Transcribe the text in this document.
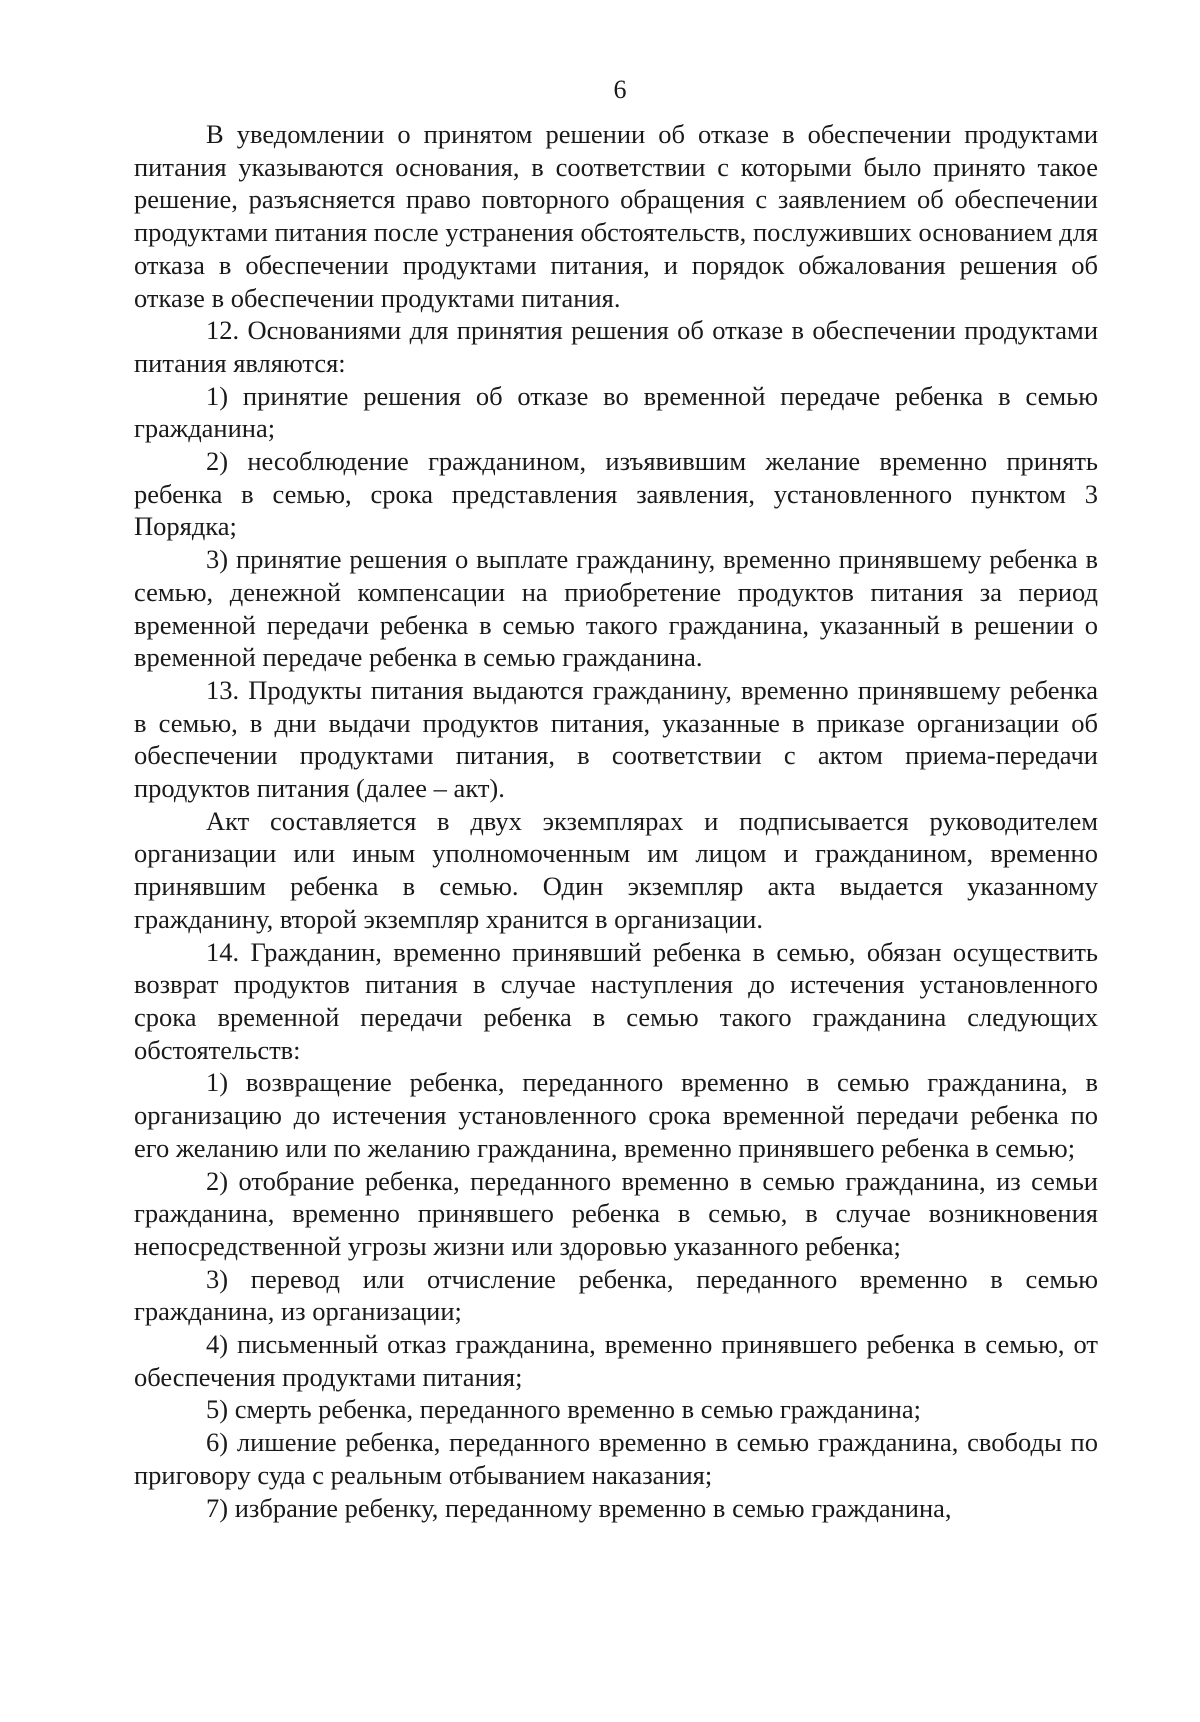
6

В уведомлении о принятом решении об отказе в обеспечении продуктами питания указываются основания, в соответствии с которыми было принято такое решение, разъясняется право повторного обращения с заявлением об обеспечении продуктами питания после устранения обстоятельств, послуживших основанием для отказа в обеспечении продуктами питания, и порядок обжалования решения об отказе в обеспечении продуктами питания.

12. Основаниями для принятия решения об отказе в обеспечении продуктами питания являются:

1) принятие решения об отказе во временной передаче ребенка в семью гражданина;

2) несоблюдение гражданином, изъявившим желание временно принять ребенка в семью, срока представления заявления, установленного пунктом 3 Порядка;

3) принятие решения о выплате гражданину, временно принявшему ребенка в семью, денежной компенсации на приобретение продуктов питания за период временной передачи ребенка в семью такого гражданина, указанный в решении о временной передаче ребенка в семью гражданина.

13. Продукты питания выдаются гражданину, временно принявшему ребенка в семью, в дни выдачи продуктов питания, указанные в приказе организации об обеспечении продуктами питания, в соответствии с актом приема-передачи продуктов питания (далее – акт).

Акт составляется в двух экземплярах и подписывается руководителем организации или иным уполномоченным им лицом и гражданином, временно принявшим ребенка в семью. Один экземпляр акта выдается указанному гражданину, второй экземпляр хранится в организации.

14. Гражданин, временно принявший ребенка в семью, обязан осуществить возврат продуктов питания в случае наступления до истечения установленного срока временной передачи ребенка в семью такого гражданина следующих обстоятельств:

1) возвращение ребенка, переданного временно в семью гражданина, в организацию до истечения установленного срока временной передачи ребенка по его желанию или по желанию гражданина, временно принявшего ребенка в семью;

2) отобрание ребенка, переданного временно в семью гражданина, из семьи гражданина, временно принявшего ребенка в семью, в случае возникновения непосредственной угрозы жизни или здоровью указанного ребенка;

3) перевод или отчисление ребенка, переданного временно в семью гражданина, из организации;

4) письменный отказ гражданина, временно принявшего ребенка в семью, от обеспечения продуктами питания;

5) смерть ребенка, переданного временно в семью гражданина;

6) лишение ребенка, переданного временно в семью гражданина, свободы по приговору суда с реальным отбыванием наказания;

7) избрание ребенку, переданному временно в семью гражданина,
